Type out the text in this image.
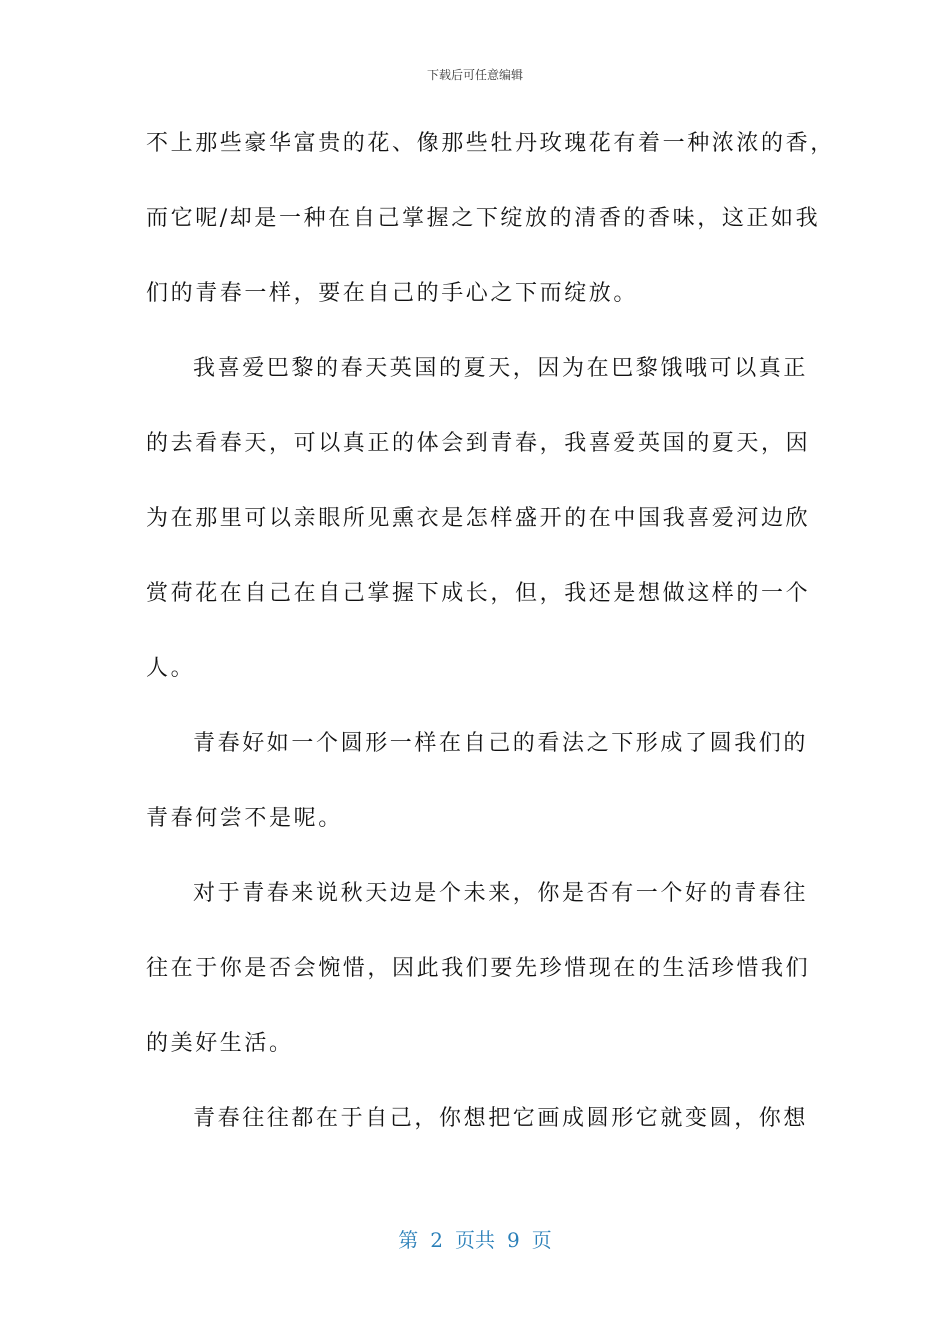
下载后可任意编辑
不上那些豪华富贵的花、像那些牡丹玫瑰花有着一种浓浓的香，
而它呢/却是一种在自己掌握之下绽放的清香的香味，这正如我
们的青春一样，要在自己的手心之下而绽放。
我喜爱巴黎的春天英国的夏天，因为在巴黎饿哦可以真正
的去看春天，可以真正的体会到青春，我喜爱英国的夏天，因
为在那里可以亲眼所见熏衣是怎样盛开的在中国我喜爱河边欣
赏荷花在自己在自己掌握下成长，但，我还是想做这样的一个
人。
青春好如一个圆形一样在自己的看法之下形成了圆我们的
青春何尝不是呢。
对于青春来说秋天边是个未来，你是否有一个好的青春往
往在于你是否会惋惜，因此我们要先珍惜现在的生活珍惜我们
的美好生活。
青春往往都在于自己，你想把它画成圆形它就变圆，你想
第 2 页共 9 页
